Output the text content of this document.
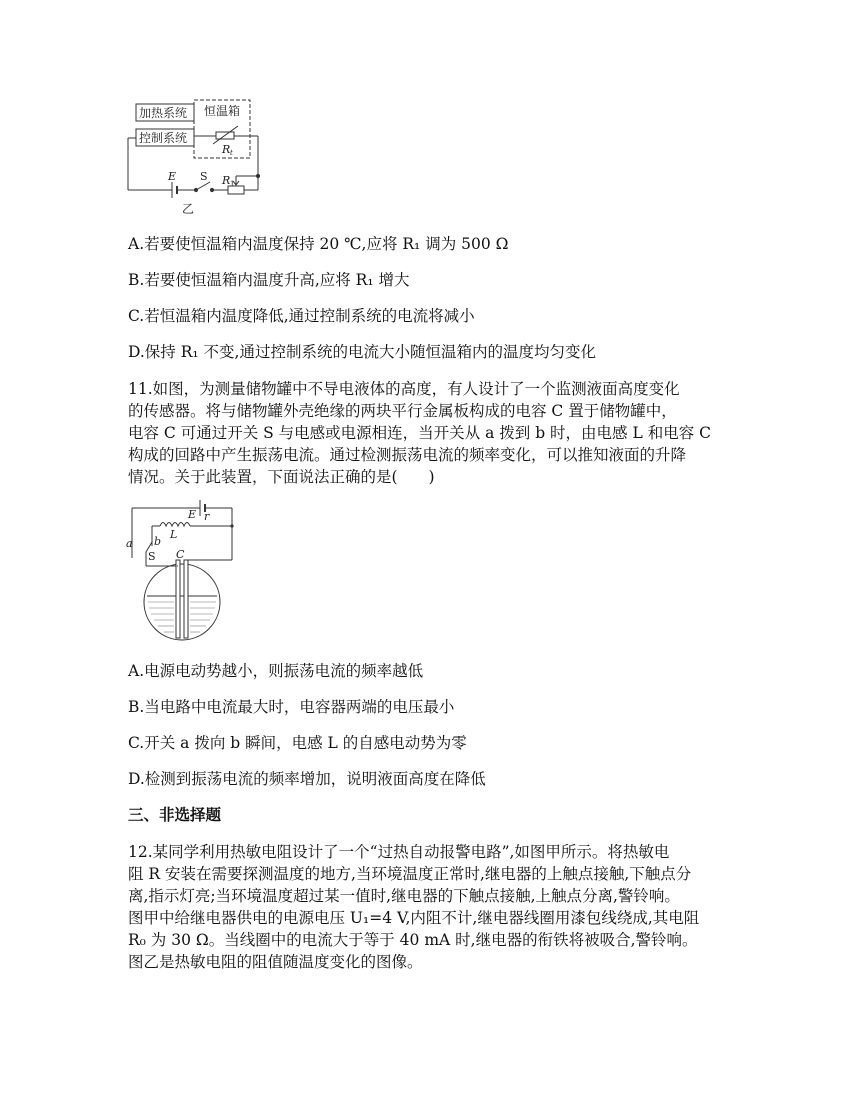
加热系统
控制系统
恒温箱
R t
E S R 1
乙
A.若要使恒温箱内温度保持 20 ℃,应将 R₁ 调为 500 Ω
B.若要使恒温箱内温度升高,应将 R₁ 增大
C.若恒温箱内温度降低,通过控制系统的电流将减小
D.保持 R₁ 不变,通过控制系统的电流大小随恒温箱内的温度均匀变化
11.如图，为测量储物罐中不导电液体的高度，有人设计了一个监测液面高度变化
的传感器。将与储物罐外壳绝缘的两块平行金属板构成的电容 C 置于储物罐中，
电容 C 可通过开关 S 与电感或电源相连，当开关从 a 拨到 b 时，由电感 L 和电容 C
构成的回路中产生振荡电流。通过检测振荡电流的频率变化，可以推知液面的升降
情况。关于此装置，下面说法正确的是(　　)
E r
L
a b
S C
A.电源电动势越小，则振荡电流的频率越低
B.当电路中电流最大时，电容器两端的电压最小
C.开关 a 拨向 b 瞬间，电感 L 的自感电动势为零
D.检测到振荡电流的频率增加，说明液面高度在降低
三、非选择题
12.某同学利用热敏电阻设计了一个“过热自动报警电路”,如图甲所示。将热敏电
阻 R 安装在需要探测温度的地方,当环境温度正常时,继电器的上触点接触,下触点分
离,指示灯亮;当环境温度超过某一值时,继电器的下触点接触,上触点分离,警铃响。
图甲中给继电器供电的电源电压 U₁=4 V,内阻不计,继电器线圈用漆包线绕成,其电阻
R₀ 为 30 Ω。当线圈中的电流大于等于 40 mA 时,继电器的衔铁将被吸合,警铃响。
图乙是热敏电阻的阻值随温度变化的图像。
